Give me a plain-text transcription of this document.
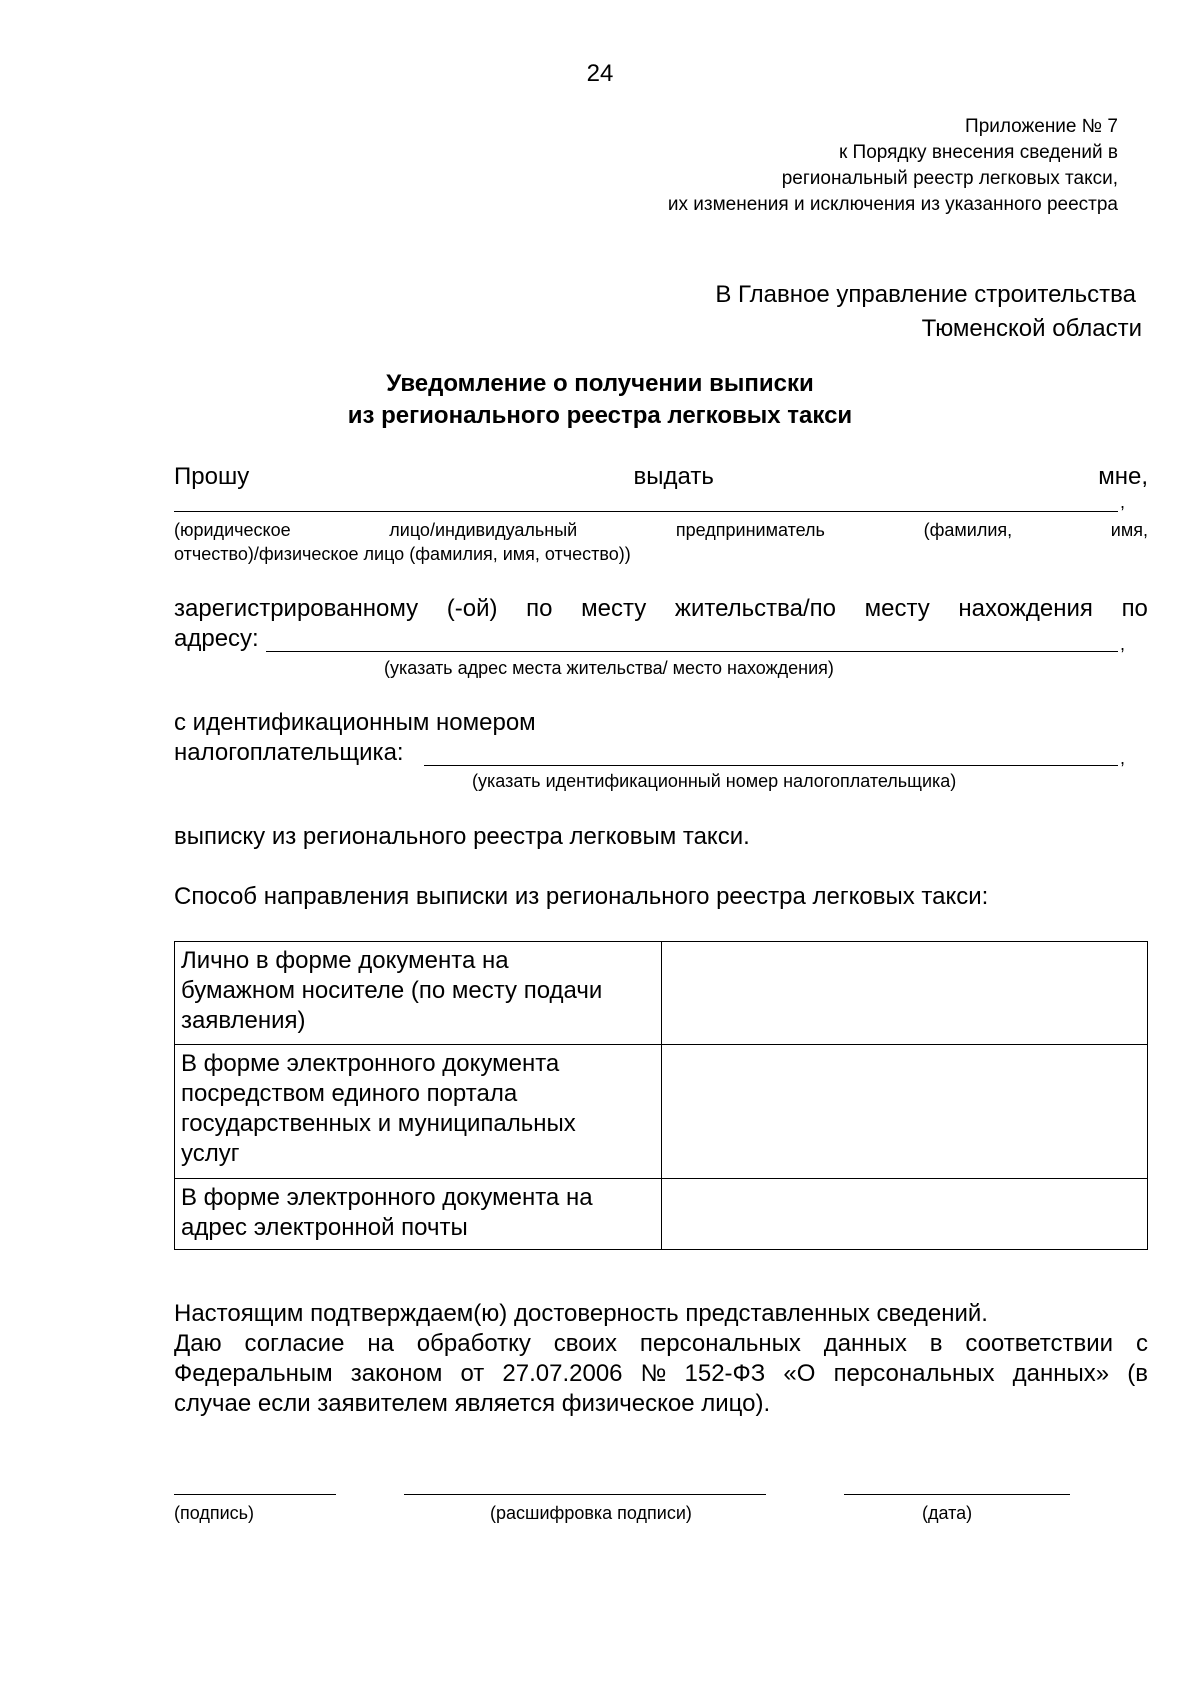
24
Приложение № 7
к Порядку внесения сведений в
региональный реестр легковых такси,
их изменения и исключения из указанного реестра
В Главное управление строительства
Тюменской области
Уведомление о получении выписки
из регионального реестра легковых такси
Прошу	выдать	мне,
,
(юридическое	лицо/индивидуальный	предприниматель	(фамилия,	имя,
отчество)/физическое лицо (фамилия, имя, отчество))
зарегистрированному (-ой) по месту жительства/по месту нахождения по
адресу:	,
(указать адрес места жительства/ место нахождения)
с идентификационным номером
налогоплательщика:	,
(указать идентификационный номер налогоплательщика)
выписку из регионального реестра легковым такси.
Способ направления выписки из регионального реестра легковых такси:
Лично в форме документа на
бумажном носителе (по месту подачи
заявления)	

В форме электронного документа
посредством единого портала
государственных и муниципальных
услуг	

В форме электронного документа на
адрес электронной почты	

Настоящим подтверждаем(ю) достоверность представленных сведений.
Даю согласие на обработку своих персональных данных в соответствии с
Федеральным законом от 27.07.2006 № 152-ФЗ «О персональных данных» (в
случае если заявителем является физическое лицо).
(подпись)	(расшифровка подписи)	(дата)
